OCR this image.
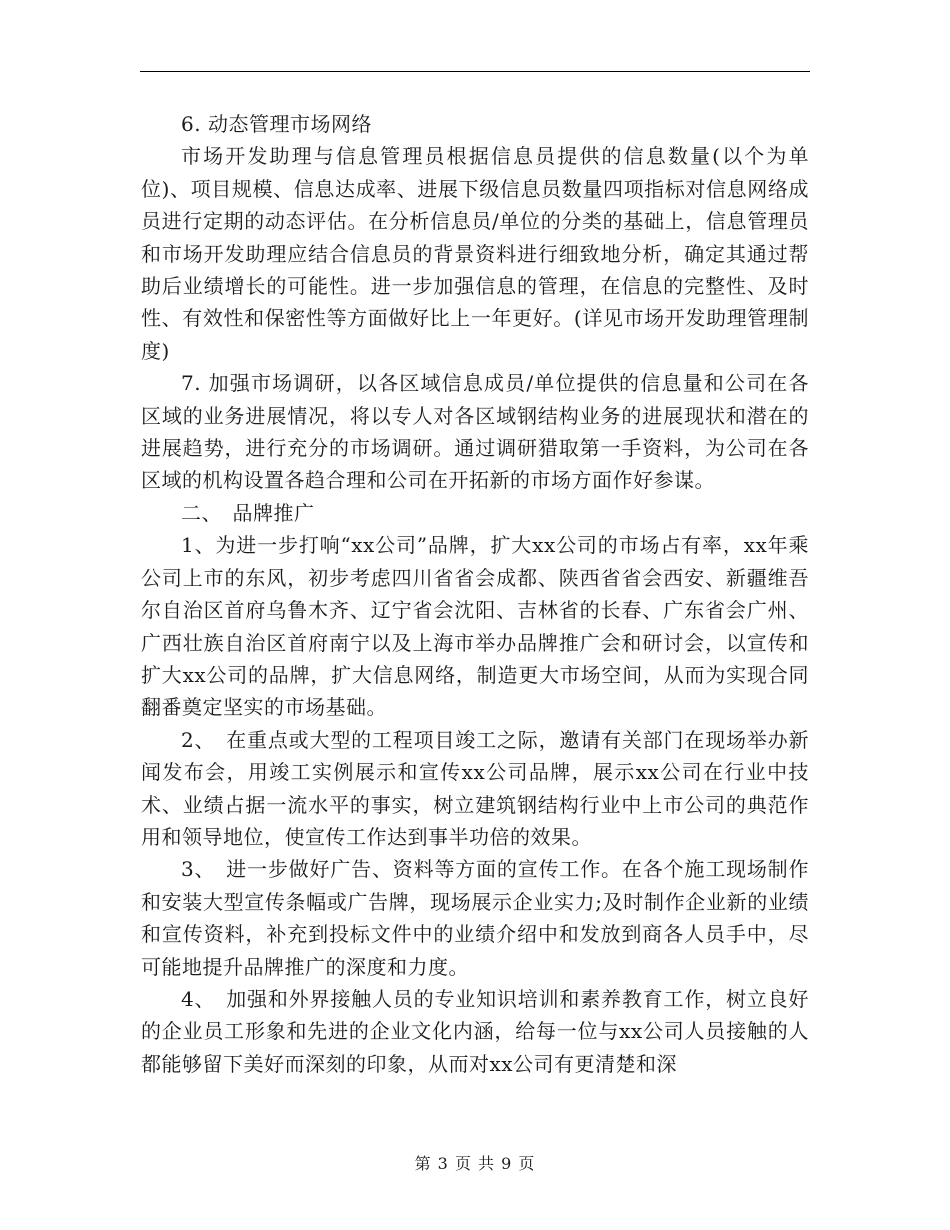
6. 动态管理市场网络

市场开发助理与信息管理员根据信息员提供的信息数量(以个为单位)、项目规模、信息达成率、进展下级信息员数量四项指标对信息网络成员进行定期的动态评估。在分析信息员/单位的分类的基础上，信息管理员和市场开发助理应结合信息员的背景资料进行细致地分析，确定其通过帮助后业绩增长的可能性。进一步加强信息的管理，在信息的完整性、及时性、有效性和保密性等方面做好比上一年更好。(详见市场开发助理管理制度)

7. 加强市场调研，以各区域信息成员/单位提供的信息量和公司在各区域的业务进展情况，将以专人对各区域钢结构业务的进展现状和潜在的进展趋势，进行充分的市场调研。通过调研猎取第一手资料，为公司在各区域的机构设置各趋合理和公司在开拓新的市场方面作好参谋。

二、　品牌推广

1、为进一步打响“xx公司”品牌，扩大xx公司的市场占有率，xx年乘公司上市的东风，初步考虑四川省省会成都、陕西省省会西安、新疆维吾尔自治区首府乌鲁木齐、辽宁省会沈阳、吉林省的长春、广东省会广州、广西壮族自治区首府南宁以及上海市举办品牌推广会和研讨会，以宣传和扩大xx公司的品牌，扩大信息网络，制造更大市场空间，从而为实现合同翻番奠定坚实的市场基础。

2、　在重点或大型的工程项目竣工之际，邀请有关部门在现场举办新闻发布会，用竣工实例展示和宣传xx公司品牌，展示xx公司在行业中技术、业绩占据一流水平的事实，树立建筑钢结构行业中上市公司的典范作用和领导地位，使宣传工作达到事半功倍的效果。

3、　进一步做好广告、资料等方面的宣传工作。在各个施工现场制作和安装大型宣传条幅或广告牌，现场展示企业实力;及时制作企业新的业绩和宣传资料，补充到投标文件中的业绩介绍中和发放到商各人员手中，尽可能地提升品牌推广的深度和力度。

4、　加强和外界接触人员的专业知识培训和素养教育工作，树立良好的企业员工形象和先进的企业文化内涵，给每一位与xx公司人员接触的人都能够留下美好而深刻的印象，从而对xx公司有更清楚和深

第 3 页 共 9 页
